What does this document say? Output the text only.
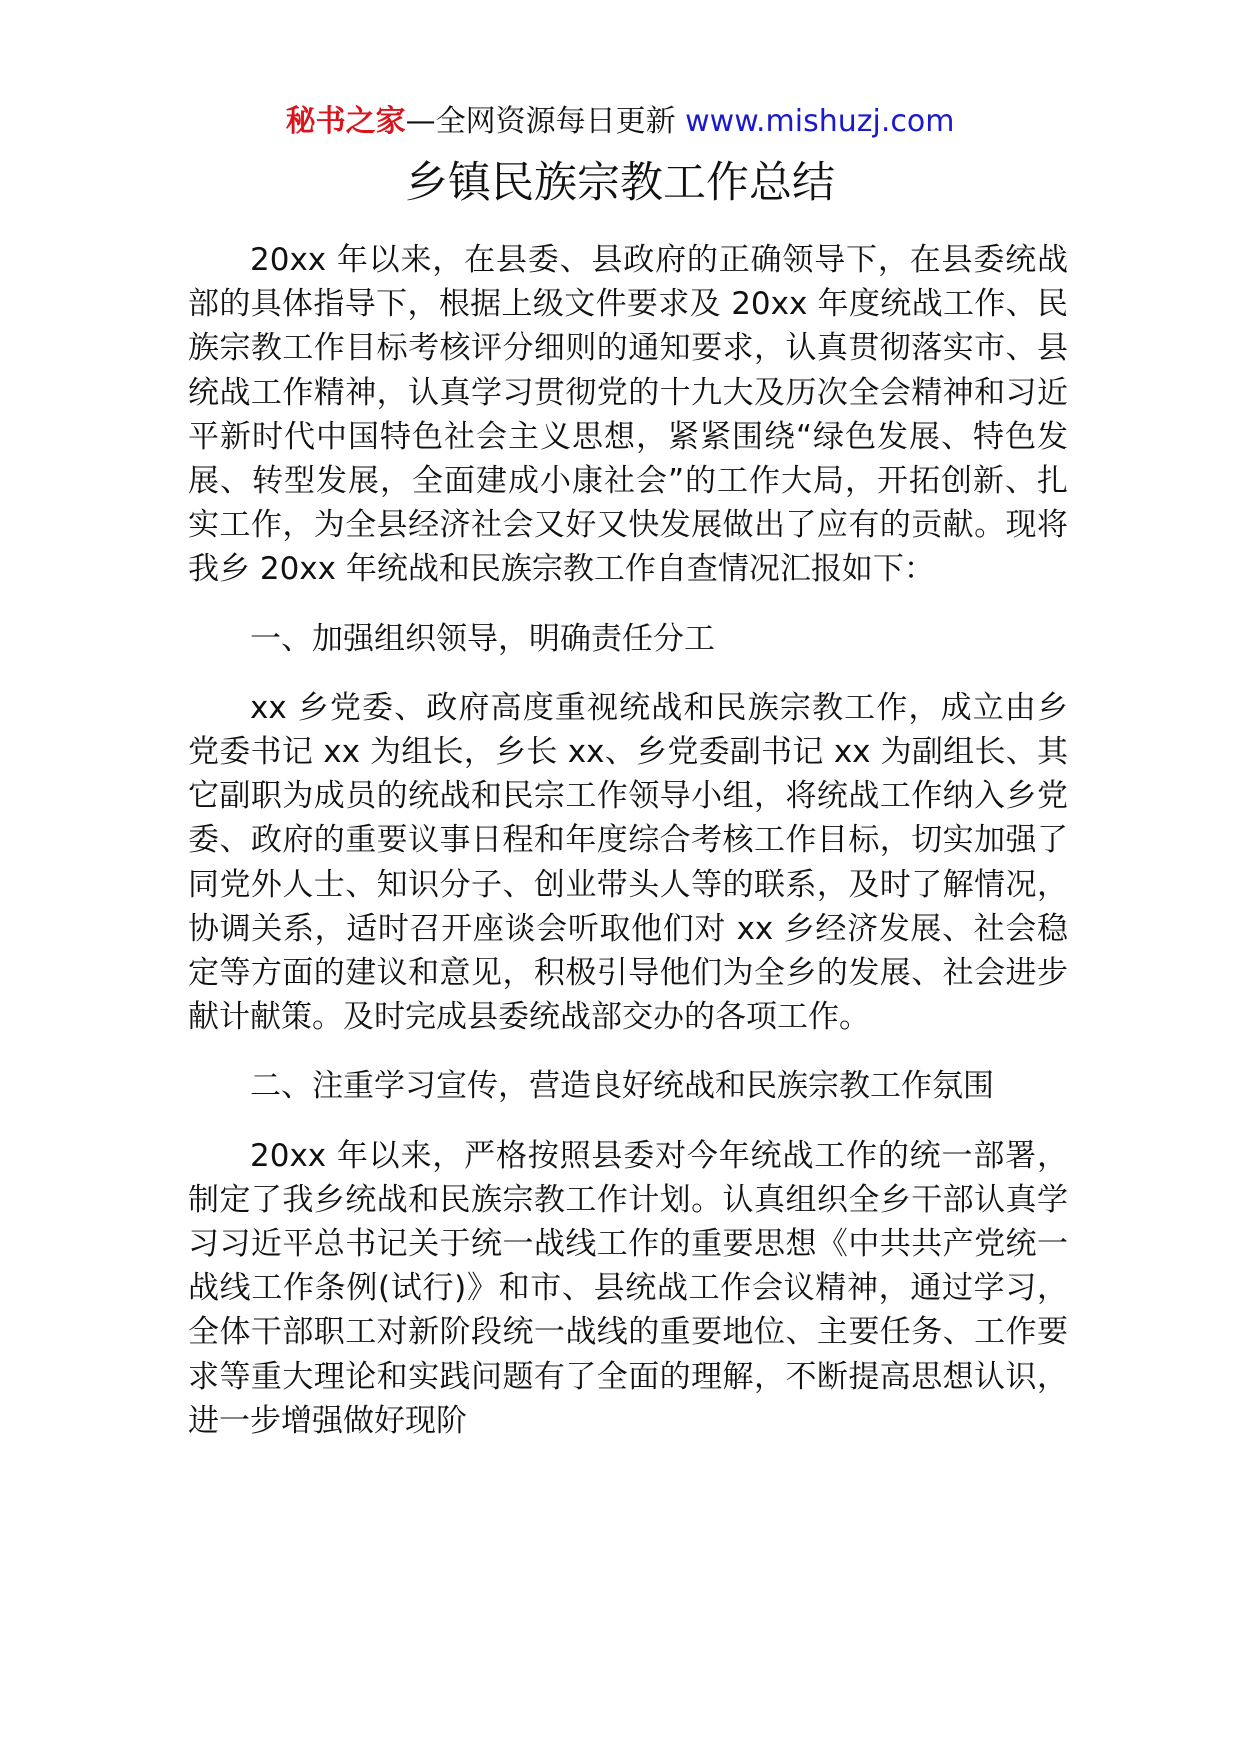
秘书之家—全网资源每日更新 www.mishuzj.com
乡镇民族宗教工作总结

20xx 年以来，在县委、县政府的正确领导下，在县委统战部的具体指导下，根据上级文件要求及 20xx 年度统战工作、民族宗教工作目标考核评分细则的通知要求，认真贯彻落实市、县统战工作精神，认真学习贯彻党的十九大及历次全会精神和习近平新时代中国特色社会主义思想，紧紧围绕“绿色发展、特色发展、转型发展，全面建成小康社会”的工作大局，开拓创新、扎实工作，为全县经济社会又好又快发展做出了应有的贡献。现将我乡 20xx 年统战和民族宗教工作自查情况汇报如下：

一、加强组织领导，明确责任分工

xx 乡党委、政府高度重视统战和民族宗教工作，成立由乡党委书记 xx 为组长，乡长 xx、乡党委副书记 xx 为副组长、其它副职为成员的统战和民宗工作领导小组，将统战工作纳入乡党委、政府的重要议事日程和年度综合考核工作目标，切实加强了同党外人士、知识分子、创业带头人等的联系，及时了解情况，协调关系，适时召开座谈会听取他们对 xx 乡经济发展、社会稳定等方面的建议和意见，积极引导他们为全乡的发展、社会进步献计献策。及时完成县委统战部交办的各项工作。

二、注重学习宣传，营造良好统战和民族宗教工作氛围

20xx 年以来，严格按照县委对今年统战工作的统一部署，制定了我乡统战和民族宗教工作计划。认真组织全乡干部认真学习习近平总书记关于统一战线工作的重要思想《中共共产党统一战线工作条例(试行)》和市、县统战工作会议精神，通过学习，全体干部职工对新阶段统一战线的重要地位、主要任务、工作要求等重大理论和实践问题有了全面的理解，不断提高思想认识，进一步增强做好现阶
